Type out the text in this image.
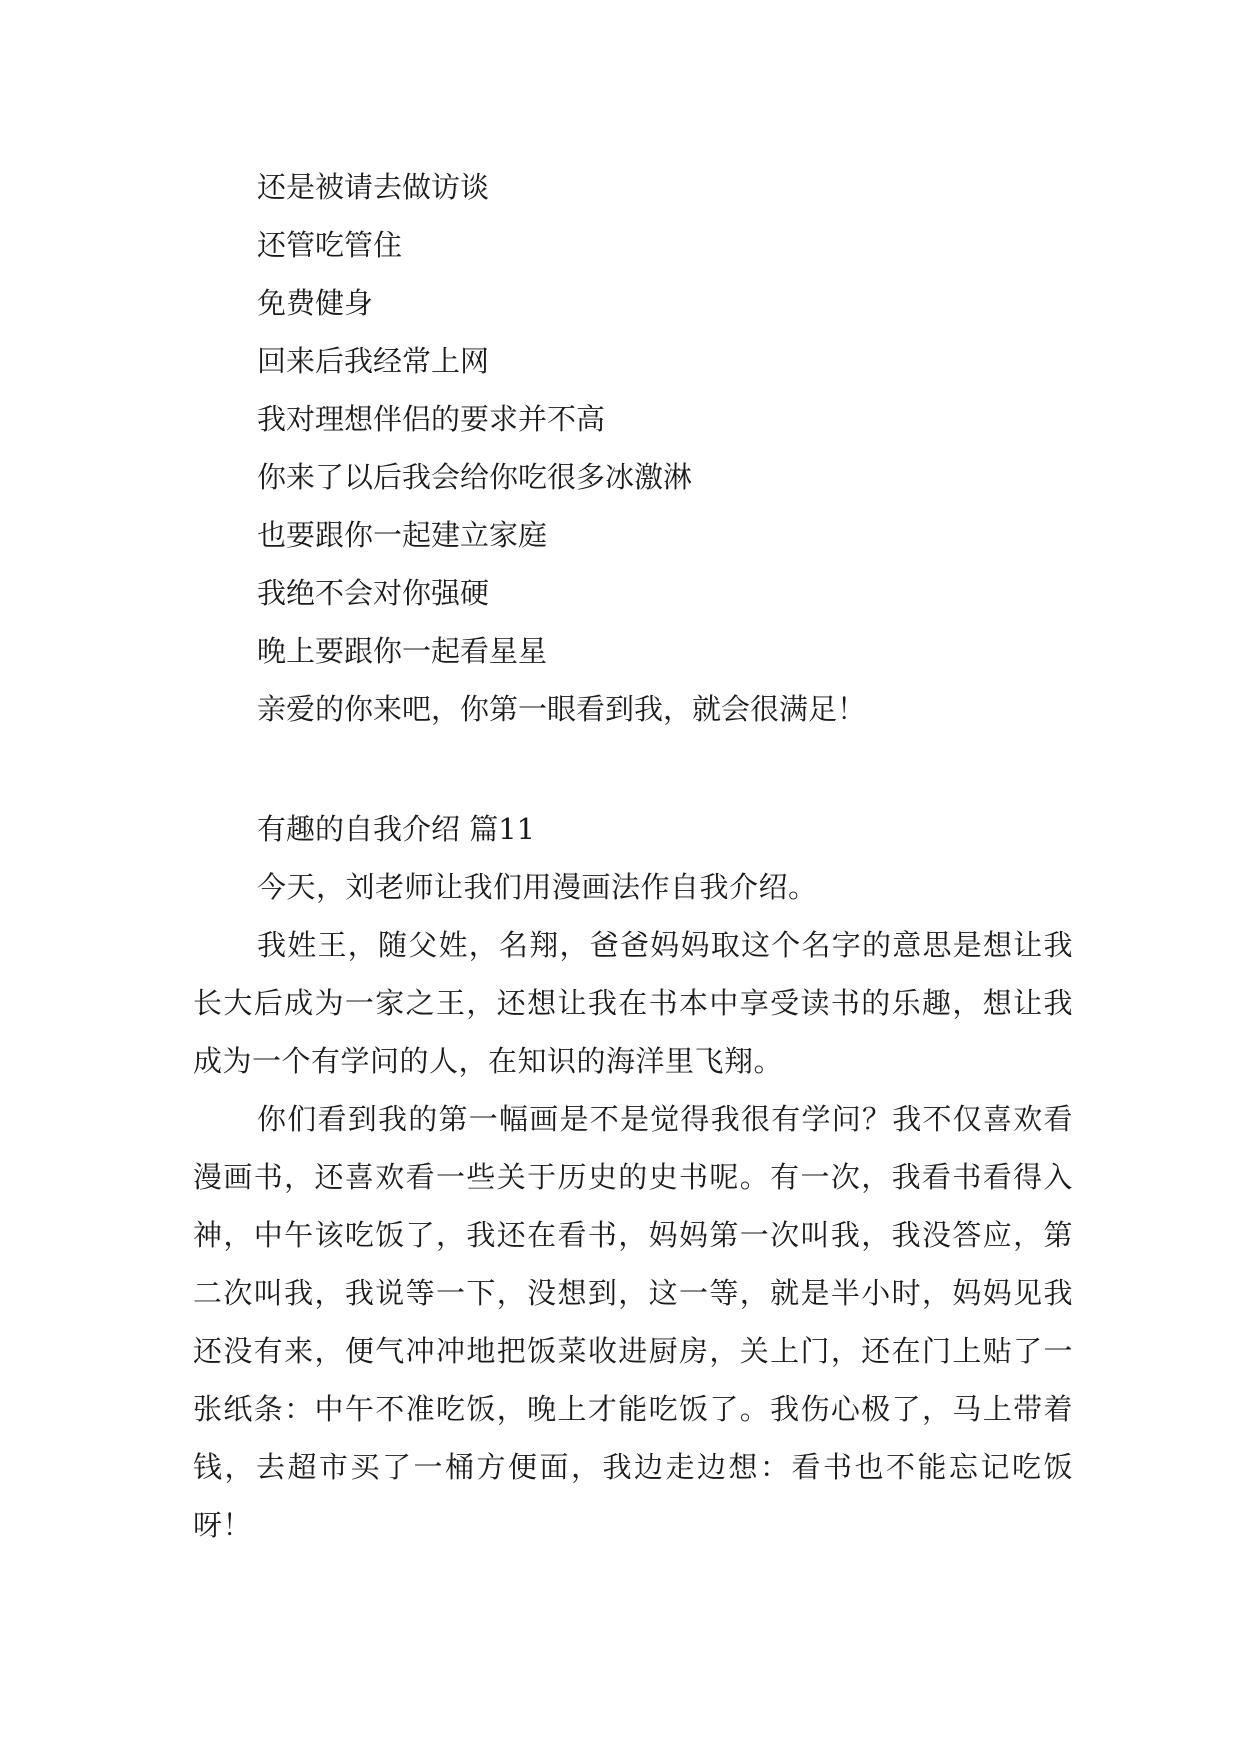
还是被请去做访谈
还管吃管住
免费健身
回来后我经常上网
我对理想伴侣的要求并不高
你来了以后我会给你吃很多冰激淋
也要跟你一起建立家庭
我绝不会对你强硬
晚上要跟你一起看星星
亲爱的你来吧，你第一眼看到我，就会很满足！
有趣的自我介绍 篇11

今天，刘老师让我们用漫画法作自我介绍。

我姓王，随父姓，名翔，爸爸妈妈取这个名字的意思是想让我长大后成为一家之王，还想让我在书本中享受读书的乐趣，想让我成为一个有学问的人，在知识的海洋里飞翔。

你们看到我的第一幅画是不是觉得我很有学问？我不仅喜欢看漫画书，还喜欢看一些关于历史的史书呢。有一次，我看书看得入神，中午该吃饭了，我还在看书，妈妈第一次叫我，我没答应，第二次叫我，我说等一下，没想到，这一等，就是半小时，妈妈见我还没有来，便气冲冲地把饭菜收进厨房，关上门，还在门上贴了一张纸条：中午不准吃饭，晚上才能吃饭了。我伤心极了，马上带着钱，去超市买了一桶方便面，我边走边想：看书也不能忘记吃饭呀！
